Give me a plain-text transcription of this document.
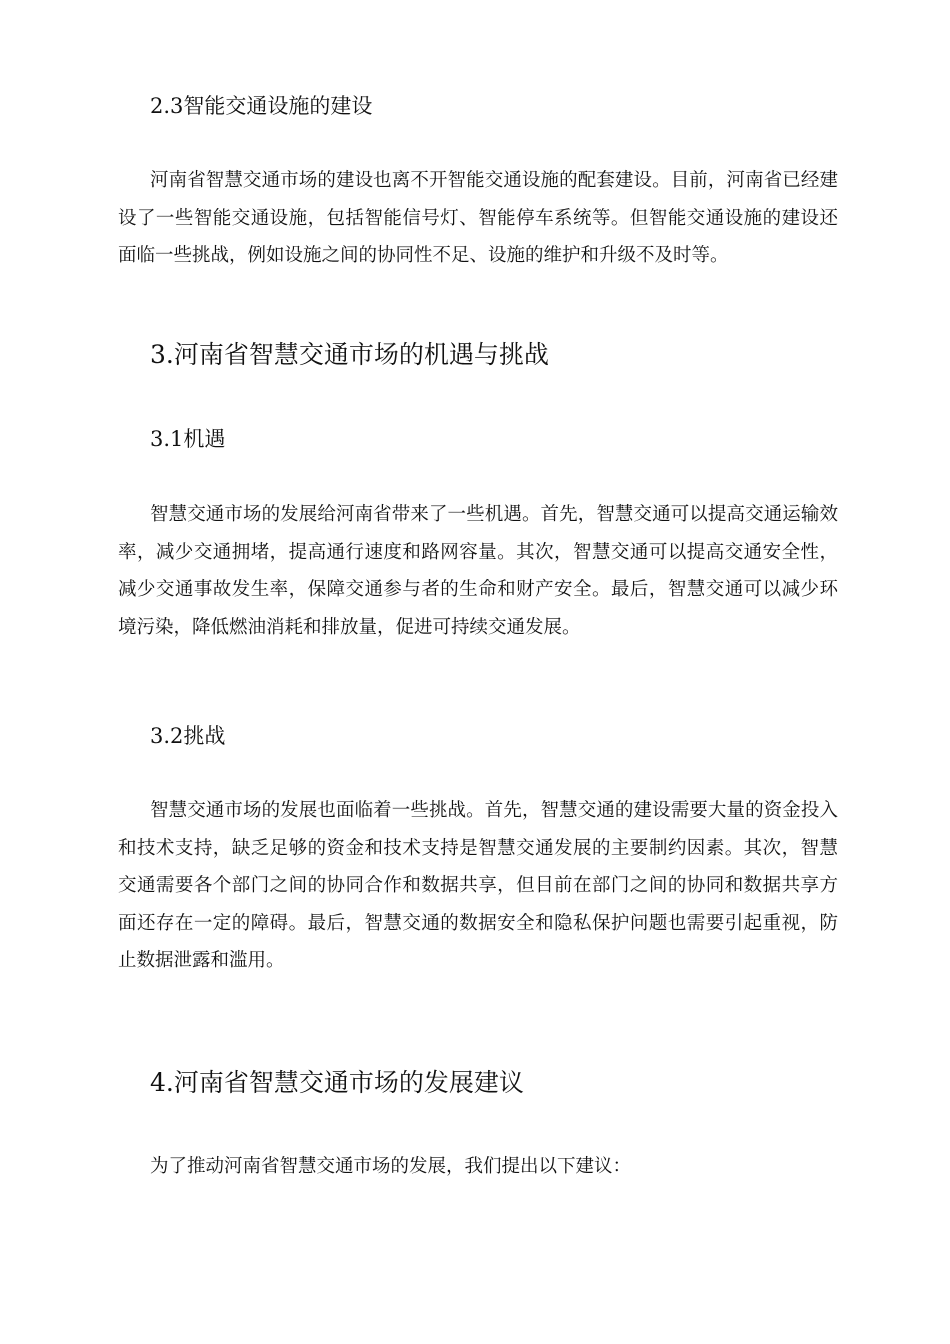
2.3智能交通设施的建设

河南省智慧交通市场的建设也离不开智能交通设施的配套建设。目前，河南省已经建设了一些智能交通设施，包括智能信号灯、智能停车系统等。但智能交通设施的建设还面临一些挑战，例如设施之间的协同性不足、设施的维护和升级不及时等。

3.河南省智慧交通市场的机遇与挑战
3.1机遇

智慧交通市场的发展给河南省带来了一些机遇。首先，智慧交通可以提高交通运输效率，减少交通拥堵，提高通行速度和路网容量。其次，智慧交通可以提高交通安全性，减少交通事故发生率，保障交通参与者的生命和财产安全。最后，智慧交通可以减少环境污染，降低燃油消耗和排放量，促进可持续交通发展。

3.2挑战

智慧交通市场的发展也面临着一些挑战。首先，智慧交通的建设需要大量的资金投入和技术支持，缺乏足够的资金和技术支持是智慧交通发展的主要制约因素。其次，智慧交通需要各个部门之间的协同合作和数据共享，但目前在部门之间的协同和数据共享方面还存在一定的障碍。最后，智慧交通的数据安全和隐私保护问题也需要引起重视，防止数据泄露和滥用。

4.河南省智慧交通市场的发展建议

为了推动河南省智慧交通市场的发展，我们提出以下建议：
